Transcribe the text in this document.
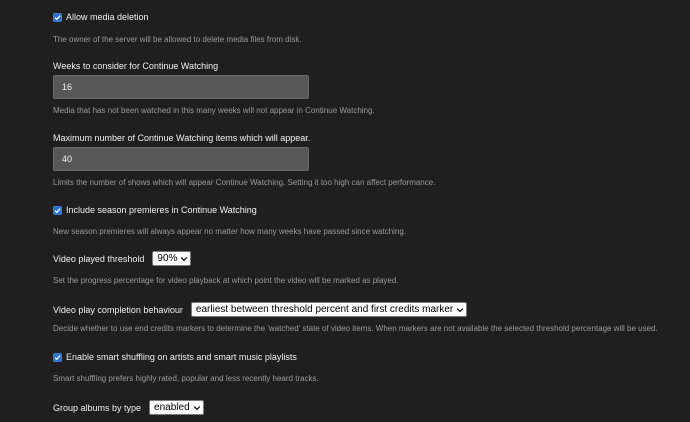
Allow media deletion
The owner of the server will be allowed to delete media files from disk.
Weeks to consider for Continue Watching
16
Media that has not been watched in this many weeks will not appear in Continue Watching.
Maximum number of Continue Watching items which will appear.
40
Limits the number of shows which will appear Continue Watching. Setting it too high can affect performance.
Include season premieres in Continue Watching
New season premieres will always appear no matter how many weeks have passed since watching.
Video played threshold 90%
Set the progress percentage for video playback at which point the video will be marked as played.
Video play completion behaviour earliest between threshold percent and first credits marker
Decide whether to use end credits markers to determine the 'watched' state of video items. When markers are not available the selected threshold percentage will be used.
Enable smart shuffling on artists and smart music playlists
Smart shuffling prefers highly rated, popular and less recently heard tracks.
Group albums by type enabled
